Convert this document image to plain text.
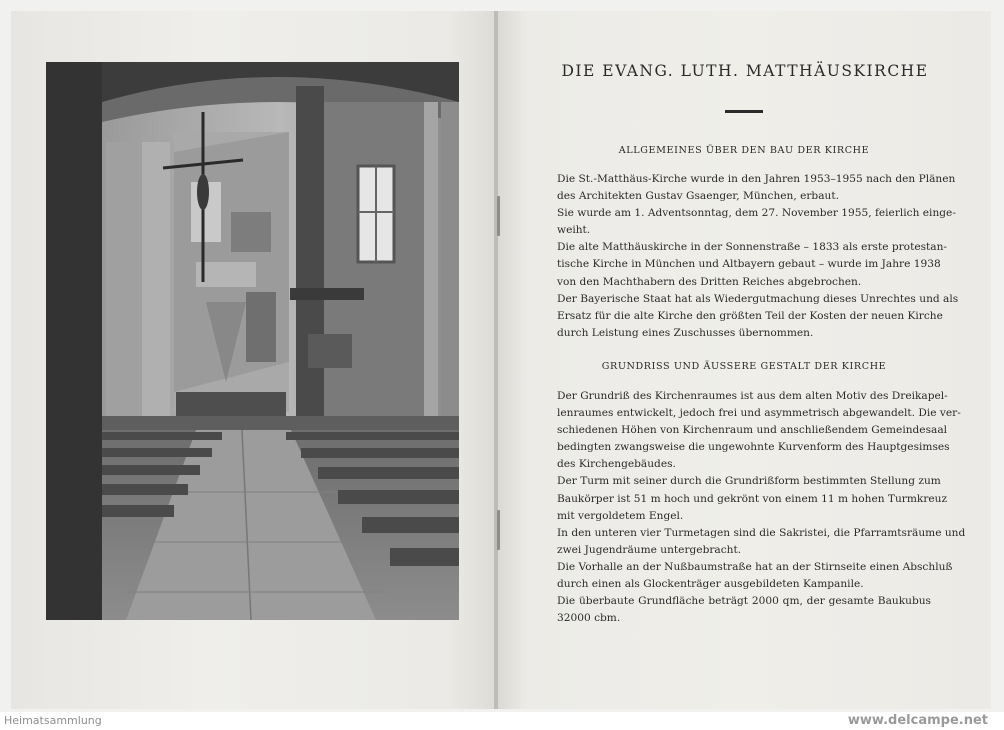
DIE EVANG. LUTH. MATTHÄUSKIRCHE
ALLGEMEINES ÜBER DEN BAU DER KIRCHE
Die St.-Matthäus-Kirche wurde in den Jahren 1953–1955 nach den Plänen
des Architekten Gustav Gsaenger, München, erbaut.
Sie wurde am 1. Adventsonntag, dem 27. November 1955, feierlich einge-
weiht.
Die alte Matthäuskirche in der Sonnenstraße – 1833 als erste protestan-
tische Kirche in München und Altbayern gebaut – wurde im Jahre 1938
von den Machthabern des Dritten Reiches abgebrochen.
Der Bayerische Staat hat als Wiedergutmachung dieses Unrechtes und als
Ersatz für die alte Kirche den größten Teil der Kosten der neuen Kirche
durch Leistung eines Zuschusses übernommen.
GRUNDRISS UND ÄUSSERE GESTALT DER KIRCHE
Der Grundriß des Kirchenraumes ist aus dem alten Motiv des Dreikapel-
lenraumes entwickelt, jedoch frei und asymmetrisch abgewandelt. Die ver-
schiedenen Höhen von Kirchenraum und anschließendem Gemeindesaal
bedingten zwangsweise die ungewohnte Kurvenform des Hauptgesimses
des Kirchengebäudes.
Der Turm mit seiner durch die Grundrißform bestimmten Stellung zum
Baukörper ist 51 m hoch und gekrönt von einem 11 m hohen Turmkreuz
mit vergoldetem Engel.
In den unteren vier Turmetagen sind die Sakristei, die Pfarramtsräume und
zwei Jugendräume untergebracht.
Die Vorhalle an der Nußbaumstraße hat an der Stirnseite einen Abschluß
durch einen als Glockenträger ausgebildeten Kampanile.
Die überbaute Grundfläche beträgt 2000 qm, der gesamte Baukubus
32000 cbm.
Heimatsammlung	www.delcampe.net
